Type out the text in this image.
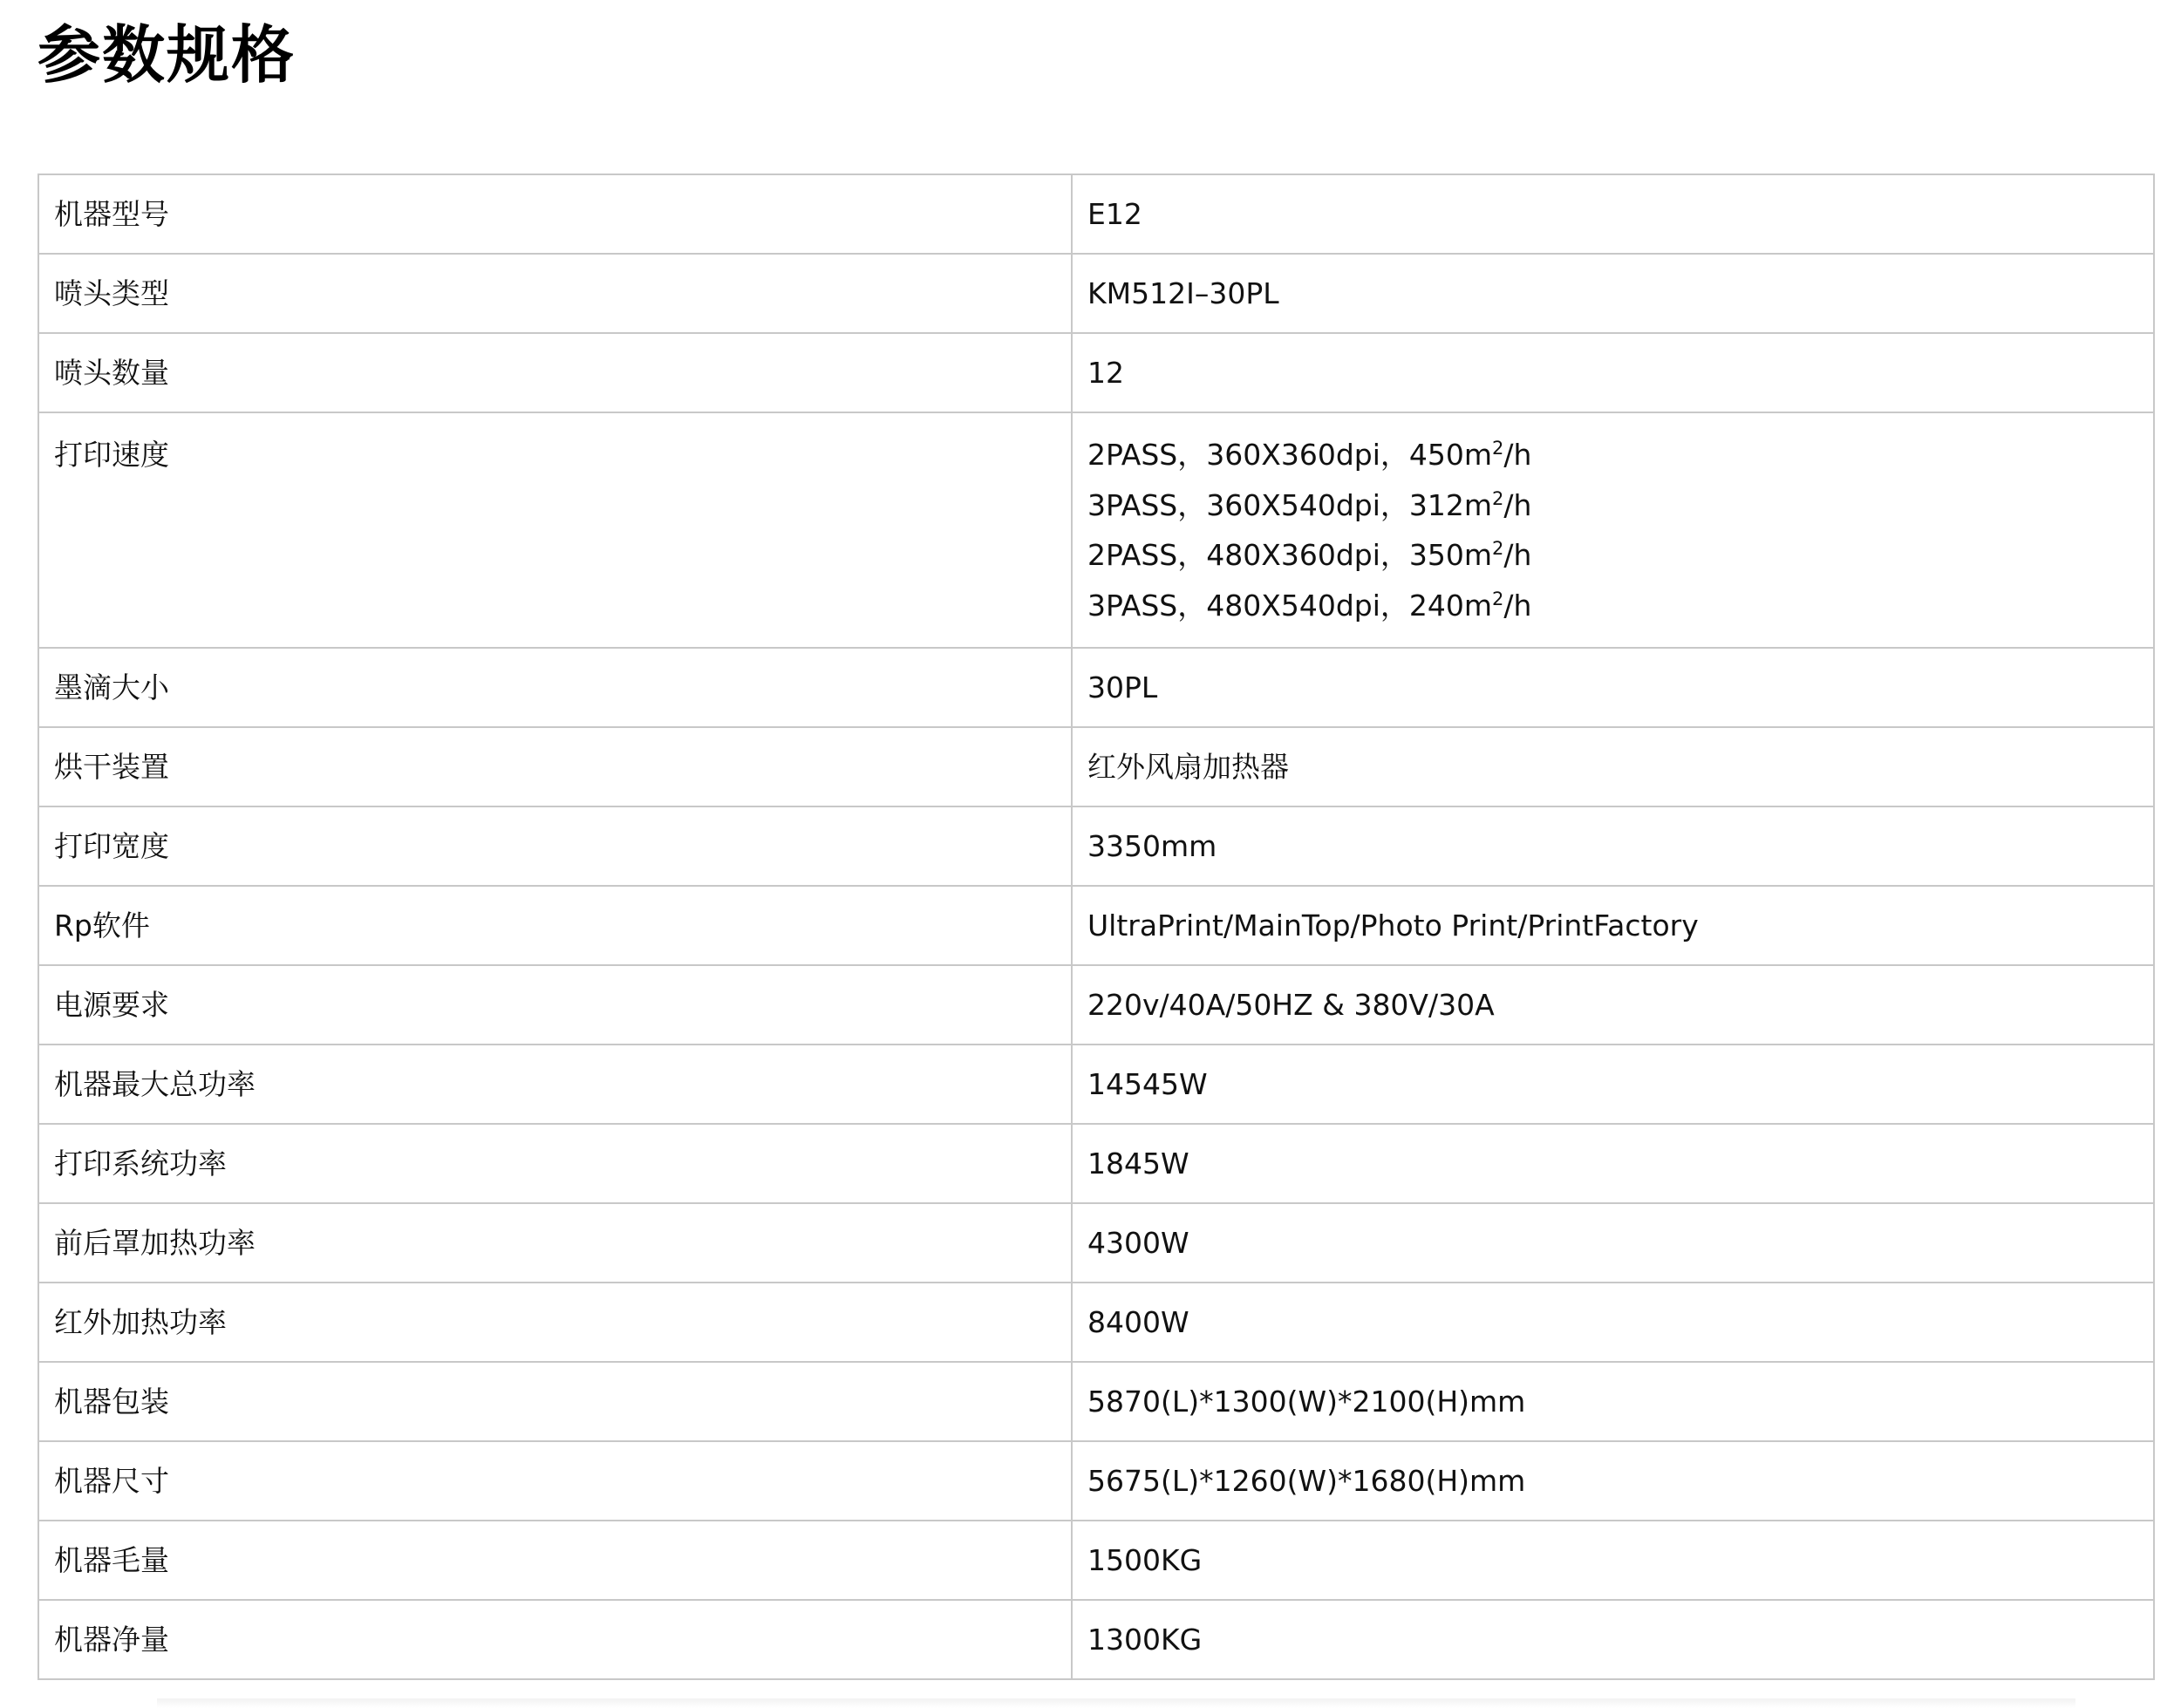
参数规格
机器型号	E12
喷头类型	KM512I–30PL
喷头数量	12
打印速度	2PASS，360X360dpi，$450m^2/h$
3PASS，360X540dpi，$312m^2/h$
2PASS，480X360dpi，$350m^2/h$
3PASS，480X540dpi，$240m^2/h$

墨滴大小	30PL
烘干装置	红外风扇加热器
打印宽度	3350mm
Rp软件	UltraPrint/MainTop/Photo Print/PrintFactory
电源要求	220v/40A/50HZ & 380V/30A
机器最大总功率	14545W
打印系统功率	1845W
前后罩加热功率	4300W
红外加热功率	8400W
机器包装	5870(L)*1300(W)*2100(H)mm
机器尺寸	5675(L)*1260(W)*1680(H)mm
机器毛量	1500KG
机器净量	1300KG
